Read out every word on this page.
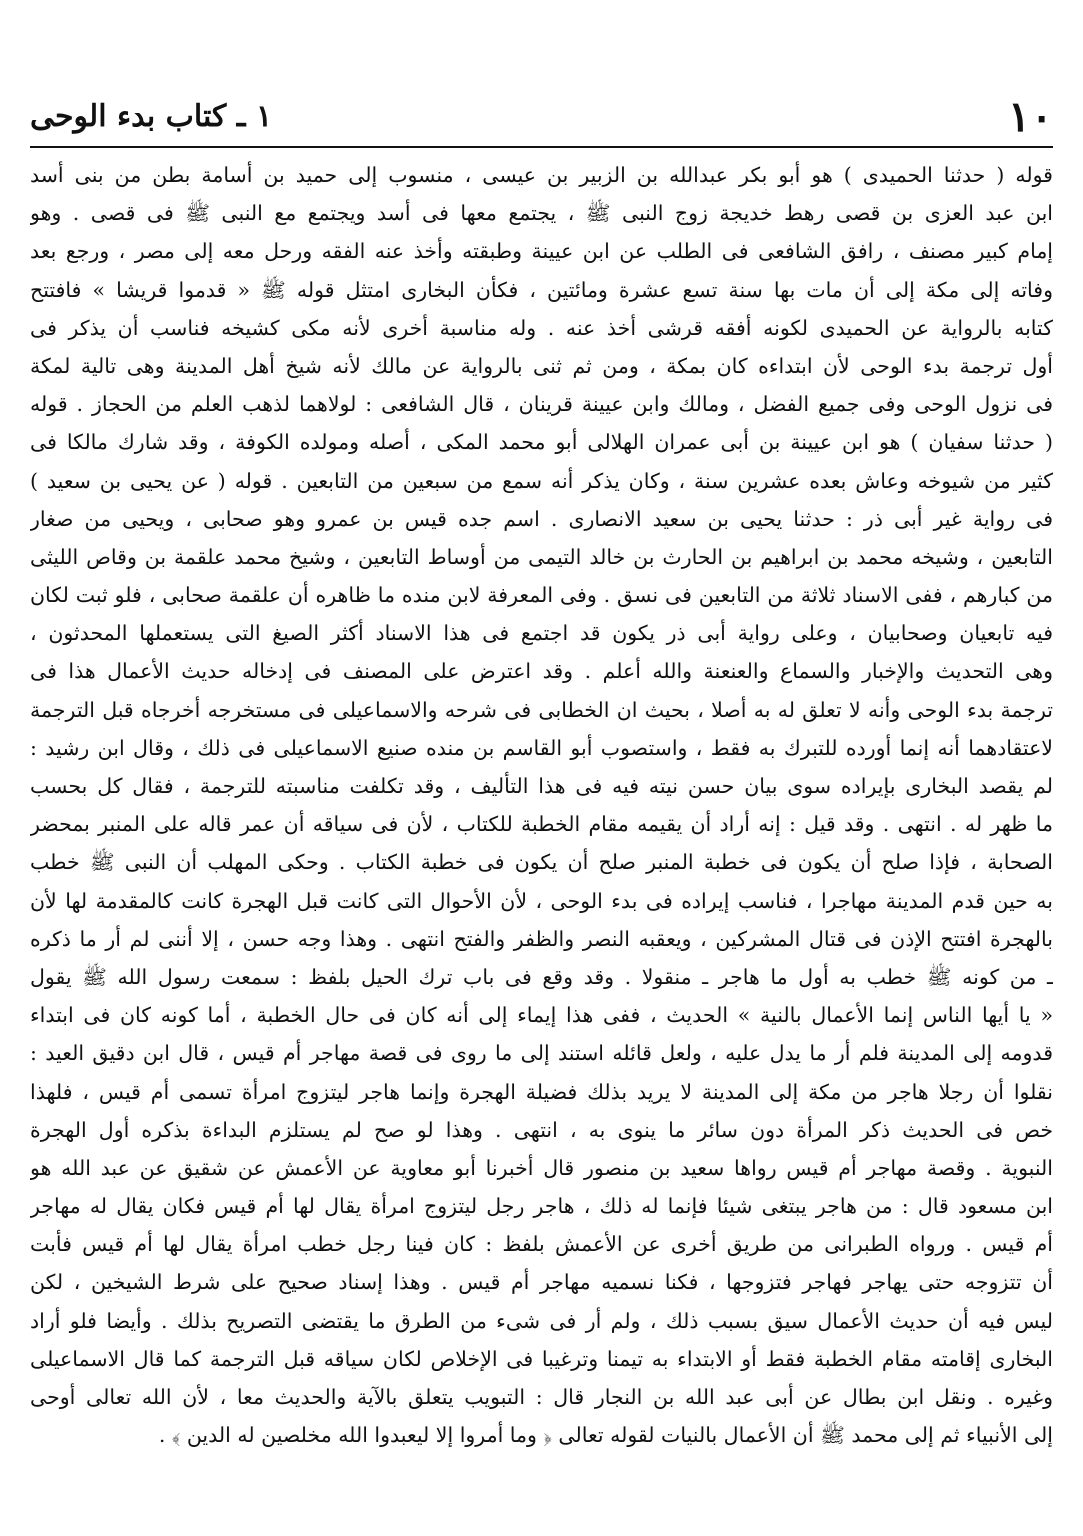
١٠
١ ـ كتاب بدء الوحى
قوله ( حدثنا الحميدى ) هو أبو بكر عبدالله بن الزبير بن عيسى ، منسوب إلى حميد بن أسامة بطن من بنى أسد
ابن عبد العزى بن قصى رهط خديجة زوج النبى ﷺ ، يجتمع معها فى أسد ويجتمع مع النبى ﷺ فى قصى . وهو
إمام كبير مصنف ، رافق الشافعى فى الطلب عن ابن عيينة وطبقته وأخذ عنه الفقه ورحل معه إلى مصر ، ورجع بعد
وفاته إلى مكة إلى أن مات بها سنة تسع عشرة ومائتين ، فكأن البخارى امتثل قوله ﷺ « قدموا قريشا » فافتتح
كتابه بالرواية عن الحميدى لكونه أفقه قرشى أخذ عنه . وله مناسبة أخرى لأنه مكى كشيخه فناسب أن يذكر فى
أول ترجمة بدء الوحى لأن ابتداءه كان بمكة ، ومن ثم ثنى بالرواية عن مالك لأنه شيخ أهل المدينة وهى تالية لمكة
فى نزول الوحى وفى جميع الفضل ، ومالك وابن عيينة قرينان ، قال الشافعى : لولاهما لذهب العلم من الحجاز . قوله
( حدثنا سفيان ) هو ابن عيينة بن أبى عمران الهلالى أبو محمد المكى ، أصله ومولده الكوفة ، وقد شارك مالكا فى
كثير من شيوخه وعاش بعده عشرين سنة ، وكان يذكر أنه سمع من سبعين من التابعين . قوله ( عن يحيى بن سعيد )
فى رواية غير أبى ذر : حدثنا يحيى بن سعيد الانصارى . اسم جده قيس بن عمرو وهو صحابى ، ويحيى من صغار
التابعين ، وشيخه محمد بن ابراهيم بن الحارث بن خالد التيمى من أوساط التابعين ، وشيخ محمد علقمة بن وقاص الليثى
من كبارهم ، ففى الاسناد ثلاثة من التابعين فى نسق . وفى المعرفة لابن منده ما ظاهره أن علقمة صحابى ، فلو ثبت لكان
فيه تابعيان وصحابيان ، وعلى رواية أبى ذر يكون قد اجتمع فى هذا الاسناد أكثر الصيغ التى يستعملها المحدثون ،
وهى التحديث والإخبار والسماع والعنعنة والله أعلم . وقد اعترض على المصنف فى إدخاله حديث الأعمال هذا فى
ترجمة بدء الوحى وأنه لا تعلق له به أصلا ، بحيث ان الخطابى فى شرحه والاسماعيلى فى مستخرجه أخرجاه قبل الترجمة
لاعتقادهما أنه إنما أورده للتبرك به فقط ، واستصوب أبو القاسم بن منده صنيع الاسماعيلى فى ذلك ، وقال ابن رشيد :
لم يقصد البخارى بإيراده سوى بيان حسن نيته فيه فى هذا التأليف ، وقد تكلفت مناسبته للترجمة ، فقال كل بحسب
ما ظهر له . انتهى . وقد قيل : إنه أراد أن يقيمه مقام الخطبة للكتاب ، لأن فى سياقه أن عمر قاله على المنبر بمحضر
الصحابة ، فإذا صلح أن يكون فى خطبة المنبر صلح أن يكون فى خطبة الكتاب . وحكى المهلب أن النبى ﷺ خطب
به حين قدم المدينة مهاجرا ، فناسب إيراده فى بدء الوحى ، لأن الأحوال التى كانت قبل الهجرة كانت كالمقدمة لها لأن
بالهجرة افتتح الإذن فى قتال المشركين ، ويعقبه النصر والظفر والفتح انتهى . وهذا وجه حسن ، إلا أننى لم أر ما ذكره
ـ من كونه ﷺ خطب به أول ما هاجر ـ منقولا . وقد وقع فى باب ترك الحيل بلفظ : سمعت رسول الله ﷺ يقول
« يا أيها الناس إنما الأعمال بالنية » الحديث ، ففى هذا إيماء إلى أنه كان فى حال الخطبة ، أما كونه كان فى ابتداء
قدومه إلى المدينة فلم أر ما يدل عليه ، ولعل قائله استند إلى ما روى فى قصة مهاجر أم قيس ، قال ابن دقيق العيد :
نقلوا أن رجلا هاجر من مكة إلى المدينة لا يريد بذلك فضيلة الهجرة وإنما هاجر ليتزوج امرأة تسمى أم قيس ، فلهذا
خص فى الحديث ذكر المرأة دون سائر ما ينوى به ، انتهى . وهذا لو صح لم يستلزم البداءة بذكره أول الهجرة
النبوية . وقصة مهاجر أم قيس رواها سعيد بن منصور قال أخبرنا أبو معاوية عن الأعمش عن شقيق عن عبد الله هو
ابن مسعود قال : من هاجر يبتغى شيئا فإنما له ذلك ، هاجر رجل ليتزوج امرأة يقال لها أم قيس فكان يقال له مهاجر
أم قيس . ورواه الطبرانى من طريق أخرى عن الأعمش بلفظ : كان فينا رجل خطب امرأة يقال لها أم قيس فأبت
أن تتزوجه حتى يهاجر فهاجر فتزوجها ، فكنا نسميه مهاجر أم قيس . وهذا إسناد صحيح على شرط الشيخين ، لكن
ليس فيه أن حديث الأعمال سيق بسبب ذلك ، ولم أر فى شىء من الطرق ما يقتضى التصريح بذلك . وأيضا فلو أراد
البخارى إقامته مقام الخطبة فقط أو الابتداء به تيمنا وترغيبا فى الإخلاص لكان سياقه قبل الترجمة كما قال الاسماعيلى
وغيره . ونقل ابن بطال عن أبى عبد الله بن النجار قال : التبويب يتعلق بالآية والحديث معا ، لأن الله تعالى أوحى
إلى الأنبياء ثم إلى محمد ﷺ أن الأعمال بالنيات لقوله تعالى ﴿ وما أمروا إلا ليعبدوا الله مخلصين له الدين ﴾ .
